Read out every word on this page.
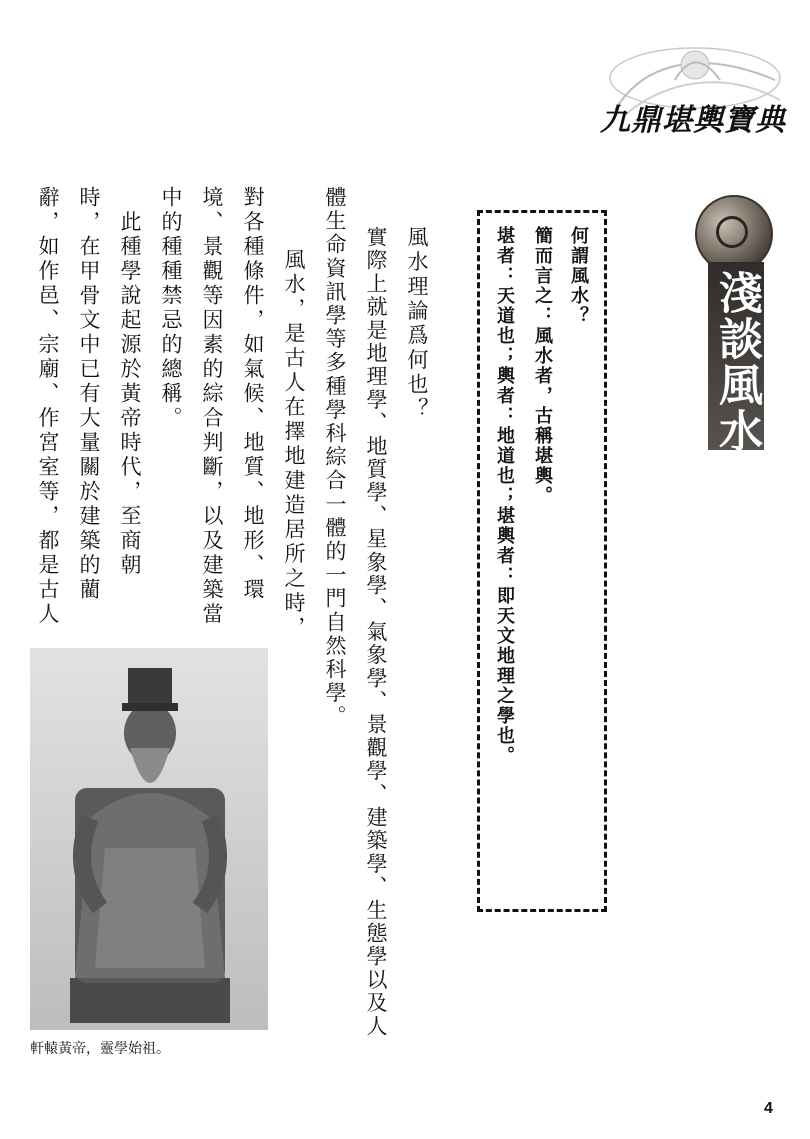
九鼎堪輿寶典
淺談風水
何謂風水？
簡而言之：風水者，古稱堪輿。
堪者：天道也；輿者：地道也；堪輿者：即天文地理之學也。
風水理論爲何也？
實際上就是地理學、地質學、星象學、氣象學、景觀學、建築學、生態學以及人
體生命資訊學等多種學科綜合一體的一門自然科學。
　風水，是古人在擇地建造居所之時，
對各種條件，如氣候、地質、地形、環
境、景觀等因素的綜合判斷，以及建築當
中的種種禁忌的總稱。
　此種學說起源於黃帝時代，至商朝
時，在甲骨文中已有大量關於建築的藺
辭，如作邑、宗廟、作宮室等，都是古人
軒轅黃帝，靈學始祖。
4
